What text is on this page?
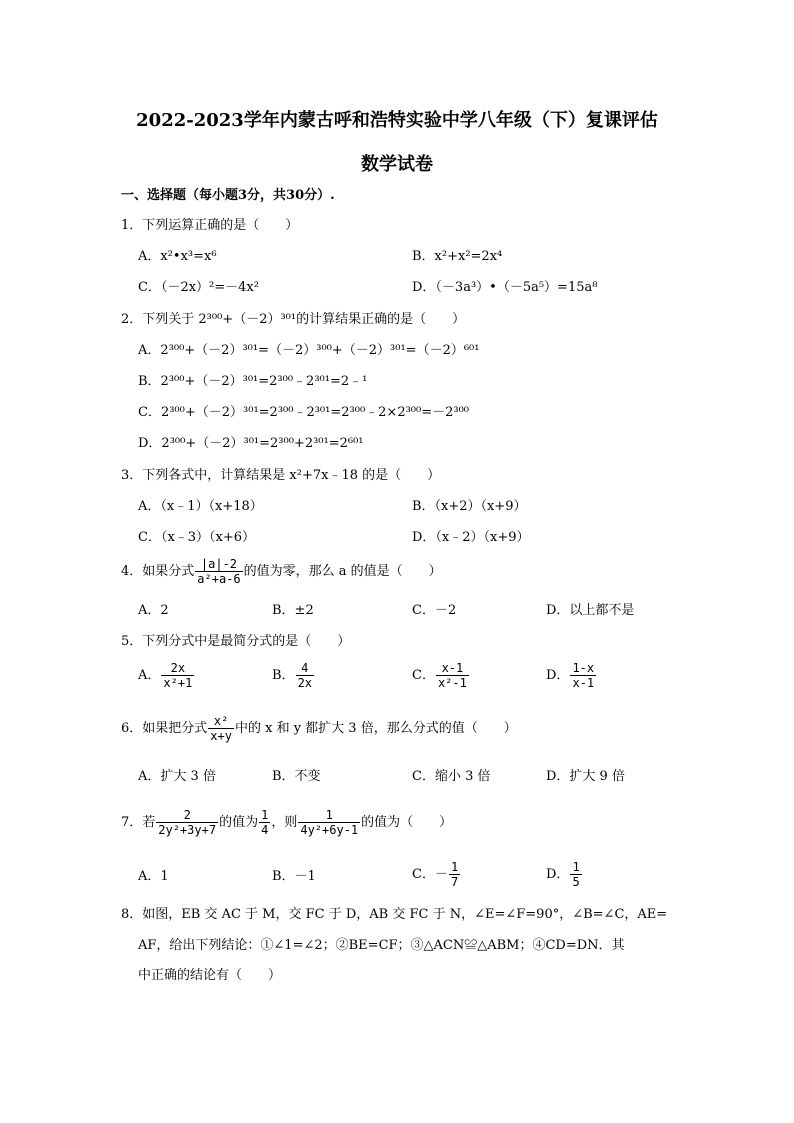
2022-2023学年内蒙古呼和浩特实验中学八年级（下）复课评估
数学试卷
一、选择题（每小题3分，共30分）.
1．下列运算正确的是（　　）
A．x²•x³=x⁶	B．x²+x²=2x⁴
C．（－2x）²=－4x²	D．（－3a³）•（－5a⁵）=15a⁸
2．下列关于 2³⁰⁰+（－2）³⁰¹的计算结果正确的是（　　）
A．2³⁰⁰+（－2）³⁰¹=（－2）³⁰⁰+（－2）³⁰¹=（－2）⁶⁰¹
B．2³⁰⁰+（－2）³⁰¹=2³⁰⁰﹣2³⁰¹=2﹣¹
C．2³⁰⁰+（－2）³⁰¹=2³⁰⁰﹣2³⁰¹=2³⁰⁰﹣2×2³⁰⁰=－2³⁰⁰
D．2³⁰⁰+（－2）³⁰¹=2³⁰⁰+2³⁰¹=2⁶⁰¹
3．下列各式中，计算结果是 x²+7x﹣18 的是（　　）
A．（x﹣1）（x+18）	B．（x+2）（x+9）
C．（x﹣3）（x+6）	D．（x﹣2）（x+9）
4．如果分式 $\frac{|a|-2}{\text{a²+a-6}}$ 的值为零，那么 a 的值是（　　）
A．2	B．±2	C．－2	D．以上都不是
5．下列分式中是最简分式的是（　　）
A． $\frac{2x}{\text{x²+1}}$	B． $\frac{4}{2x}$	C． $\frac{x-1}{\text{x²-1}}$	D． $\frac{1-x}{x-1}$
6．如果把分式 $\frac{\text{x²}}{x+y}$ 中的 x 和 y 都扩大 3 倍，那么分式的值（　　）
A．扩大 3 倍	B．不变	C．缩小 3 倍	D．扩大 9 倍
7．若 $\frac{2}{\text{2y²+3y+7}}$ 的值为 $\frac{1}{4}$ ，则 $\frac{1}{\text{4y²+6y-1}}$ 的值为（　　）
A．1	B．－1	C．－ $\frac{1}{7}$	D． $\frac{1}{5}$
8．如图，EB 交 AC 于 M，交 FC 于 D，AB 交 FC 于 N，∠E=∠F=90°，∠B=∠C，AE=
AF，给出下列结论：①∠1=∠2；②BE=CF；③△ACN≌△ABM；④CD=DN．其
中正确的结论有（　　）
